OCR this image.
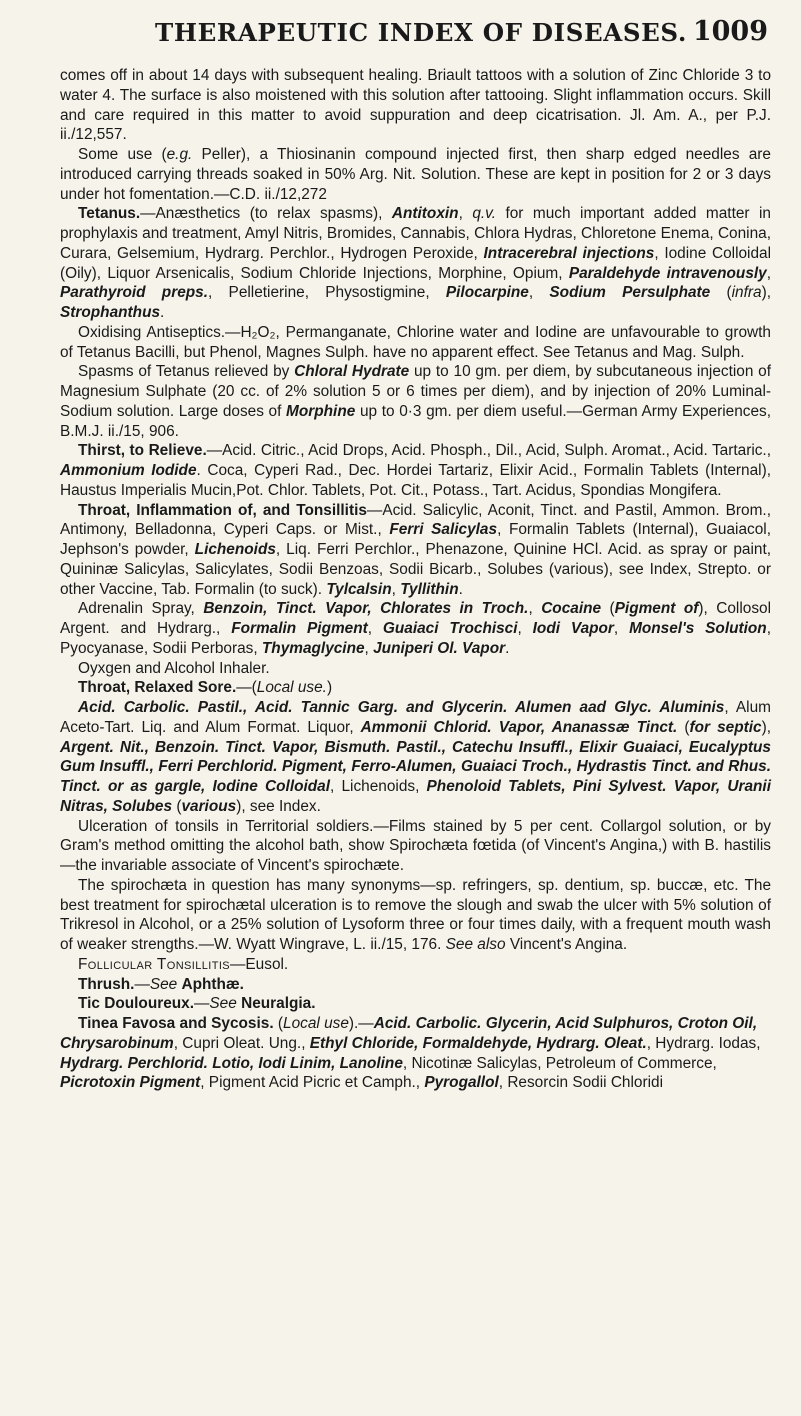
THERAPEUTIC INDEX OF DISEASES. 1009

comes off in about 14 days with subsequent healing. Briault tattoos with a solution of Zinc Chloride 3 to water 4. The surface is also moistened with this solution after tattooing. Slight inflammation occurs. Skill and care required in this matter to avoid suppuration and deep cicatrisation. Jl. Am. A., per P.J. ii./12,557.

Some use (e.g. Peller), a Thiosinanin compound injected first, then sharp edged needles are introduced carrying threads soaked in 50% Arg. Nit. Solution. These are kept in position for 2 or 3 days under hot fomentation.—C.D. ii./12,272

Tetanus.—Anæsthetics (to relax spasms), Antitoxin, q.v. for much important added matter in prophylaxis and treatment, Amyl Nitris, Bromides, Cannabis, Chlora Hydras, Chloretone Enema, Conina, Curara, Gelsemium, Hydrarg. Perchlor., Hydrogen Peroxide, Intracerebral injections, Iodine Colloidal (Oily), Liquor Arsenicalis, Sodium Chloride Injections, Morphine, Opium, Paraldehyde intravenously, Parathyroid preps., Pelletierine, Physostigmine, Pilocarpine, Sodium Persulphate (infra), Strophanthus.

Oxidising Antiseptics.—H₂O₂, Permanganate, Chlorine water and Iodine are unfavourable to growth of Tetanus Bacilli, but Phenol, Magnes Sulph. have no apparent effect. See Tetanus and Mag. Sulph.

Spasms of Tetanus relieved by Chloral Hydrate up to 10 gm. per diem, by subcutaneous injection of Magnesium Sulphate (20 cc. of 2% solution 5 or 6 times per diem), and by injection of 20% Luminal-Sodium solution. Large doses of Morphine up to 0·3 gm. per diem useful.—German Army Experiences, B.M.J. ii./15, 906.

Thirst, to Relieve.—Acid. Citric., Acid Drops, Acid. Phosph., Dil., Acid, Sulph. Aromat., Acid. Tartaric., Ammonium Iodide. Coca, Cyperi Rad., Dec. Hordei Tartariz, Elixir Acid., Formalin Tablets (Internal), Haustus Imperialis Mucin,Pot. Chlor. Tablets, Pot. Cit., Potass., Tart. Acidus, Spondias Mongifera.

Throat, Inflammation of, and Tonsillitis—Acid. Salicylic, Aconit, Tinct. and Pastil, Ammon. Brom., Antimony, Belladonna, Cyperi Caps. or Mist., Ferri Salicylas, Formalin Tablets (Internal), Guaiacol, Jephson's powder, Lichenoids, Liq. Ferri Perchlor., Phenazone, Quinine HCl. Acid. as spray or paint, Quininæ Salicylas, Salicylates, Sodii Benzoas, Sodii Bicarb., Solubes (various), see Index, Strepto. or other Vaccine, Tab. Formalin (to suck). Tylcalsin, Tyllithin.

Adrenalin Spray, Benzoin, Tinct. Vapor, Chlorates in Troch., Cocaine (Pigment of), Collosol Argent. and Hydrarg., Formalin Pigment, Guaiaci Trochisci, Iodi Vapor, Monsel's Solution, Pyocyanase, Sodii Perboras, Thymaglycine, Juniperi Ol. Vapor.

Oyxgen and Alcohol Inhaler.

Throat, Relaxed Sore.—(Local use.)

Acid. Carbolic. Pastil., Acid. Tannic Garg. and Glycerin. Alumen aad Glyc. Aluminis, Alum Aceto-Tart. Liq. and Alum Format. Liquor, Ammonii Chlorid. Vapor, Ananassæ Tinct. (for septic), Argent. Nit., Benzoin. Tinct. Vapor, Bismuth. Pastil., Catechu Insuffl., Elixir Guaiaci, Eucalyptus Gum Insuffl., Ferri Perchlorid. Pigment, Ferro-Alumen, Guaiaci Troch., Hydrastis Tinct. and Rhus. Tinct. or as gargle, Iodine Colloidal, Lichenoids, Phenoloid Tablets, Pini Sylvest. Vapor, Uranii Nitras, Solubes (various), see Index.

Ulceration of tonsils in Territorial soldiers.—Films stained by 5 per cent. Collargol solution, or by Gram's method omitting the alcohol bath, show Spirochæta fœtida (of Vincent's Angina,) with B. hastilis—the invariable associate of Vincent's spirochæte.

The spirochæta in question has many synonyms—sp. refringers, sp. dentium, sp. buccæ, etc. The best treatment for spirochætal ulceration is to remove the slough and swab the ulcer with 5% solution of Trikresol in Alcohol, or a 25% solution of Lysoform three or four times daily, with a frequent mouth wash of weaker strengths.—W. Wyatt Wingrave, L. ii./15, 176. See also Vincent's Angina.

Follicular Tonsillitis—Eusol.

Thrush.—See Aphthæ.

Tic Douloureux.—See Neuralgia.

Tinea Favosa and Sycosis. (Local use).—Acid. Carbolic. Glycerin, Acid Sulphuros, Croton Oil, Chrysarobinum, Cupri Oleat. Ung., Ethyl Chloride, Formaldehyde, Hydrarg. Oleat., Hydrarg. Iodas, Hydrarg. Perchlorid. Lotio, Iodi Linim, Lanoline, Nicotinæ Salicylas, Petroleum of Commerce, Picrotoxin Pigment, Pigment Acid Picric et Camph., Pyrogallol, Resorcin Sodii Chloridi
